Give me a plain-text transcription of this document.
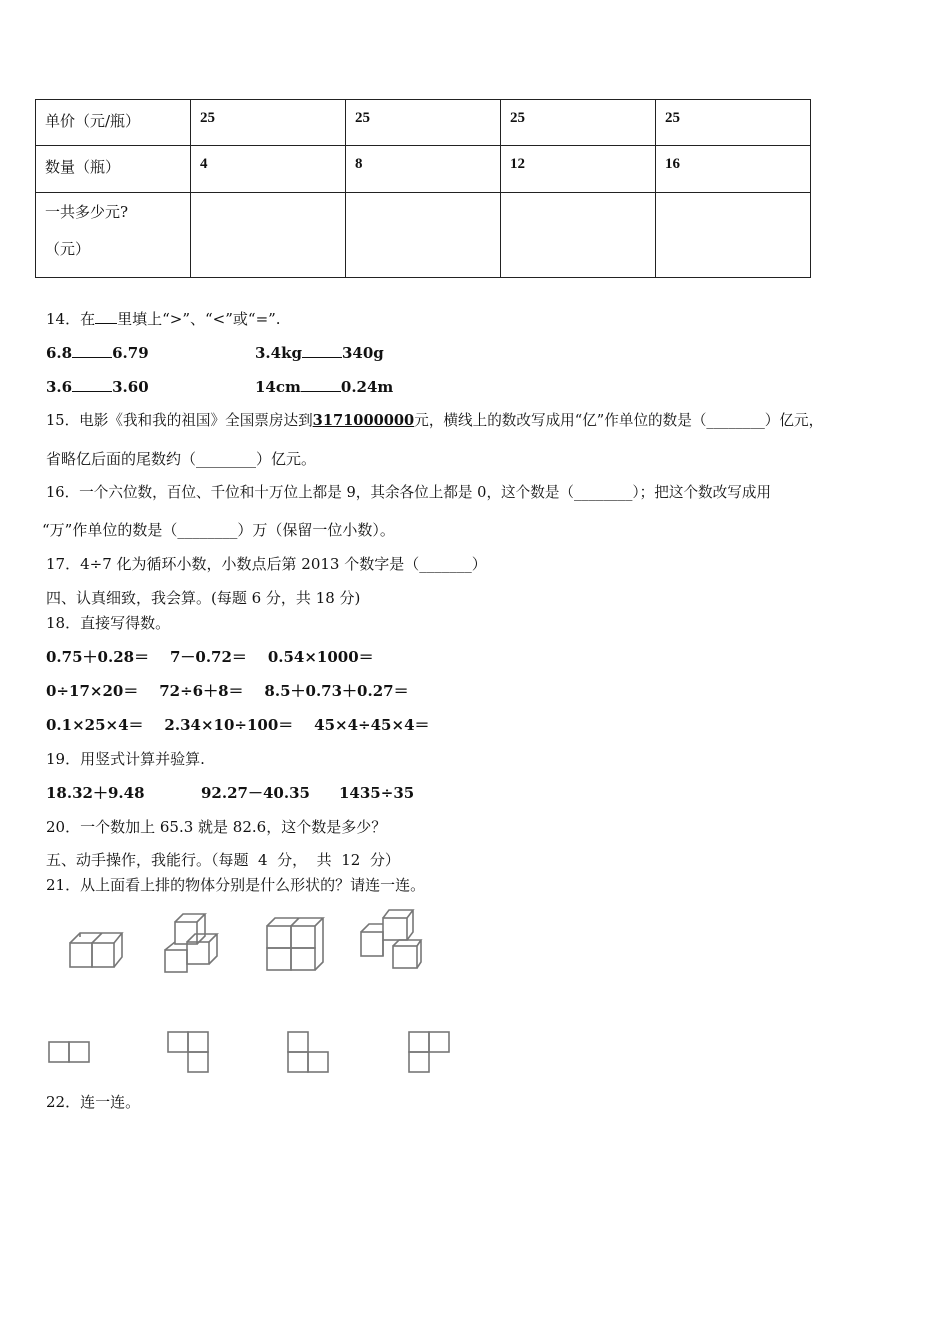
单价（元/瓶）	25	25	25	25
数量（瓶）	4	8	12	16

一共多少元?
（元）				

14．在 里填上“>”、“<”或“=”.
6.8	6.79	3.4kg	340g
3.6	3.60	14cm	0.24m
15．电影《我和我的祖国》全国票房达到3171000000元，横线上的数改写成用“亿”作单位的数是（________）亿元，
省略亿后面的尾数约（________）亿元。
16．一个六位数，百位、千位和十万位上都是 9，其余各位上都是 0，这个数是（________）；把这个数改写成用
“万”作单位的数是（________）万（保留一位小数）。
17．4÷7 化为循环小数，小数点后第 2013 个数字是（_______）
四、认真细致，我会算。(每题 6 分，共 18 分)
18．直接写得数。
0.75＋0.28＝    7－0.72＝    0.54×1000＝
0÷17×20＝    72÷6＋8＝    8.5＋0.73＋0.27＝
0.1×25×4＝    2.34×10÷100＝    45×4÷45×4＝
19．用竖式计算并验算.
18.32＋9.48	92.27－40.35 1435÷35
20．一个数加上 65.3 就是 82.6，这个数是多少？
五、动手操作，我能行。（每题  4  分，  共  12  分）
21．从上面看上排的物体分别是什么形状的？请连一连。
22．连一连。
